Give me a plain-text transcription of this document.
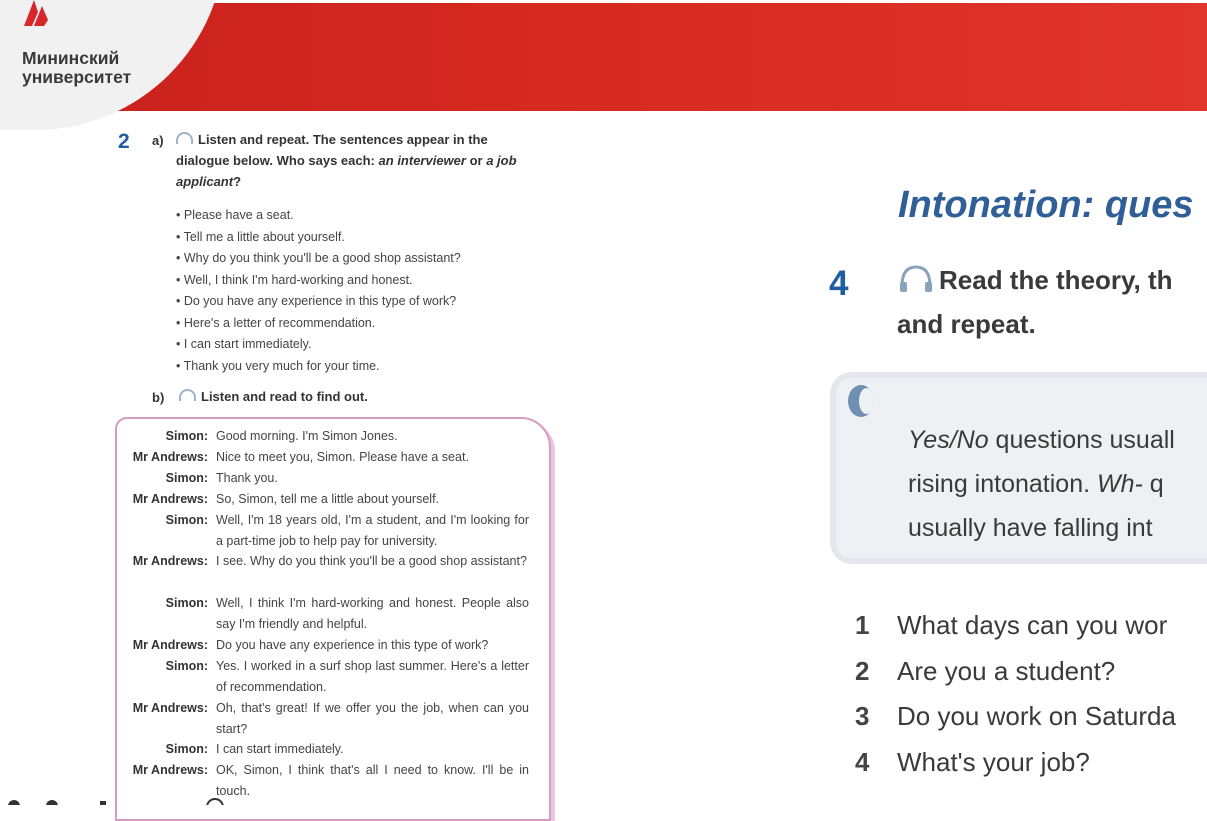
Мининский
университет
2 a)	Listen and repeat. The sentences appear in the dialogue below. Who says each: an interviewer or a job applicant?
• Please have a seat.
• Tell me a little about yourself.
• Why do you think you'll be a good shop assistant?
• Well, I think I'm hard-working and honest.
• Do you have any experience in this type of work?
• Here's a letter of recommendation.
• I can start immediately.
• Thank you very much for your time.
b)	Listen and read to find out.
Simon: Good morning. I'm Simon Jones.
Mr Andrews: Nice to meet you, Simon. Please have a seat.
Simon: Thank you.
Mr Andrews: So, Simon, tell me a little about yourself.
Simon: Well, I'm 18 years old, I'm a student, and I'm looking for a part-time job to help pay for university.
Mr Andrews: I see. Why do you think you'll be a good shop assistant?
Simon: Well, I think I'm hard-working and honest. People also say I'm friendly and helpful.
Mr Andrews: Do you have any experience in this type of work?
Simon: Yes. I worked in a surf shop last summer. Here's a letter of recommendation.
Mr Andrews: Oh, that's great! If we offer you the job, when can you start?
Simon: I can start immediately.
Mr Andrews: OK, Simon, I think that's all I need to know. I'll be in touch.
Intonation: ques
4	Read the theory, th
and repeat.
Yes/No questions usuall
rising intonation. Wh- q
usually have falling int
1 What days can you wor
2 Are you a student?
3 Do you work on Saturda
4 What's your job?
